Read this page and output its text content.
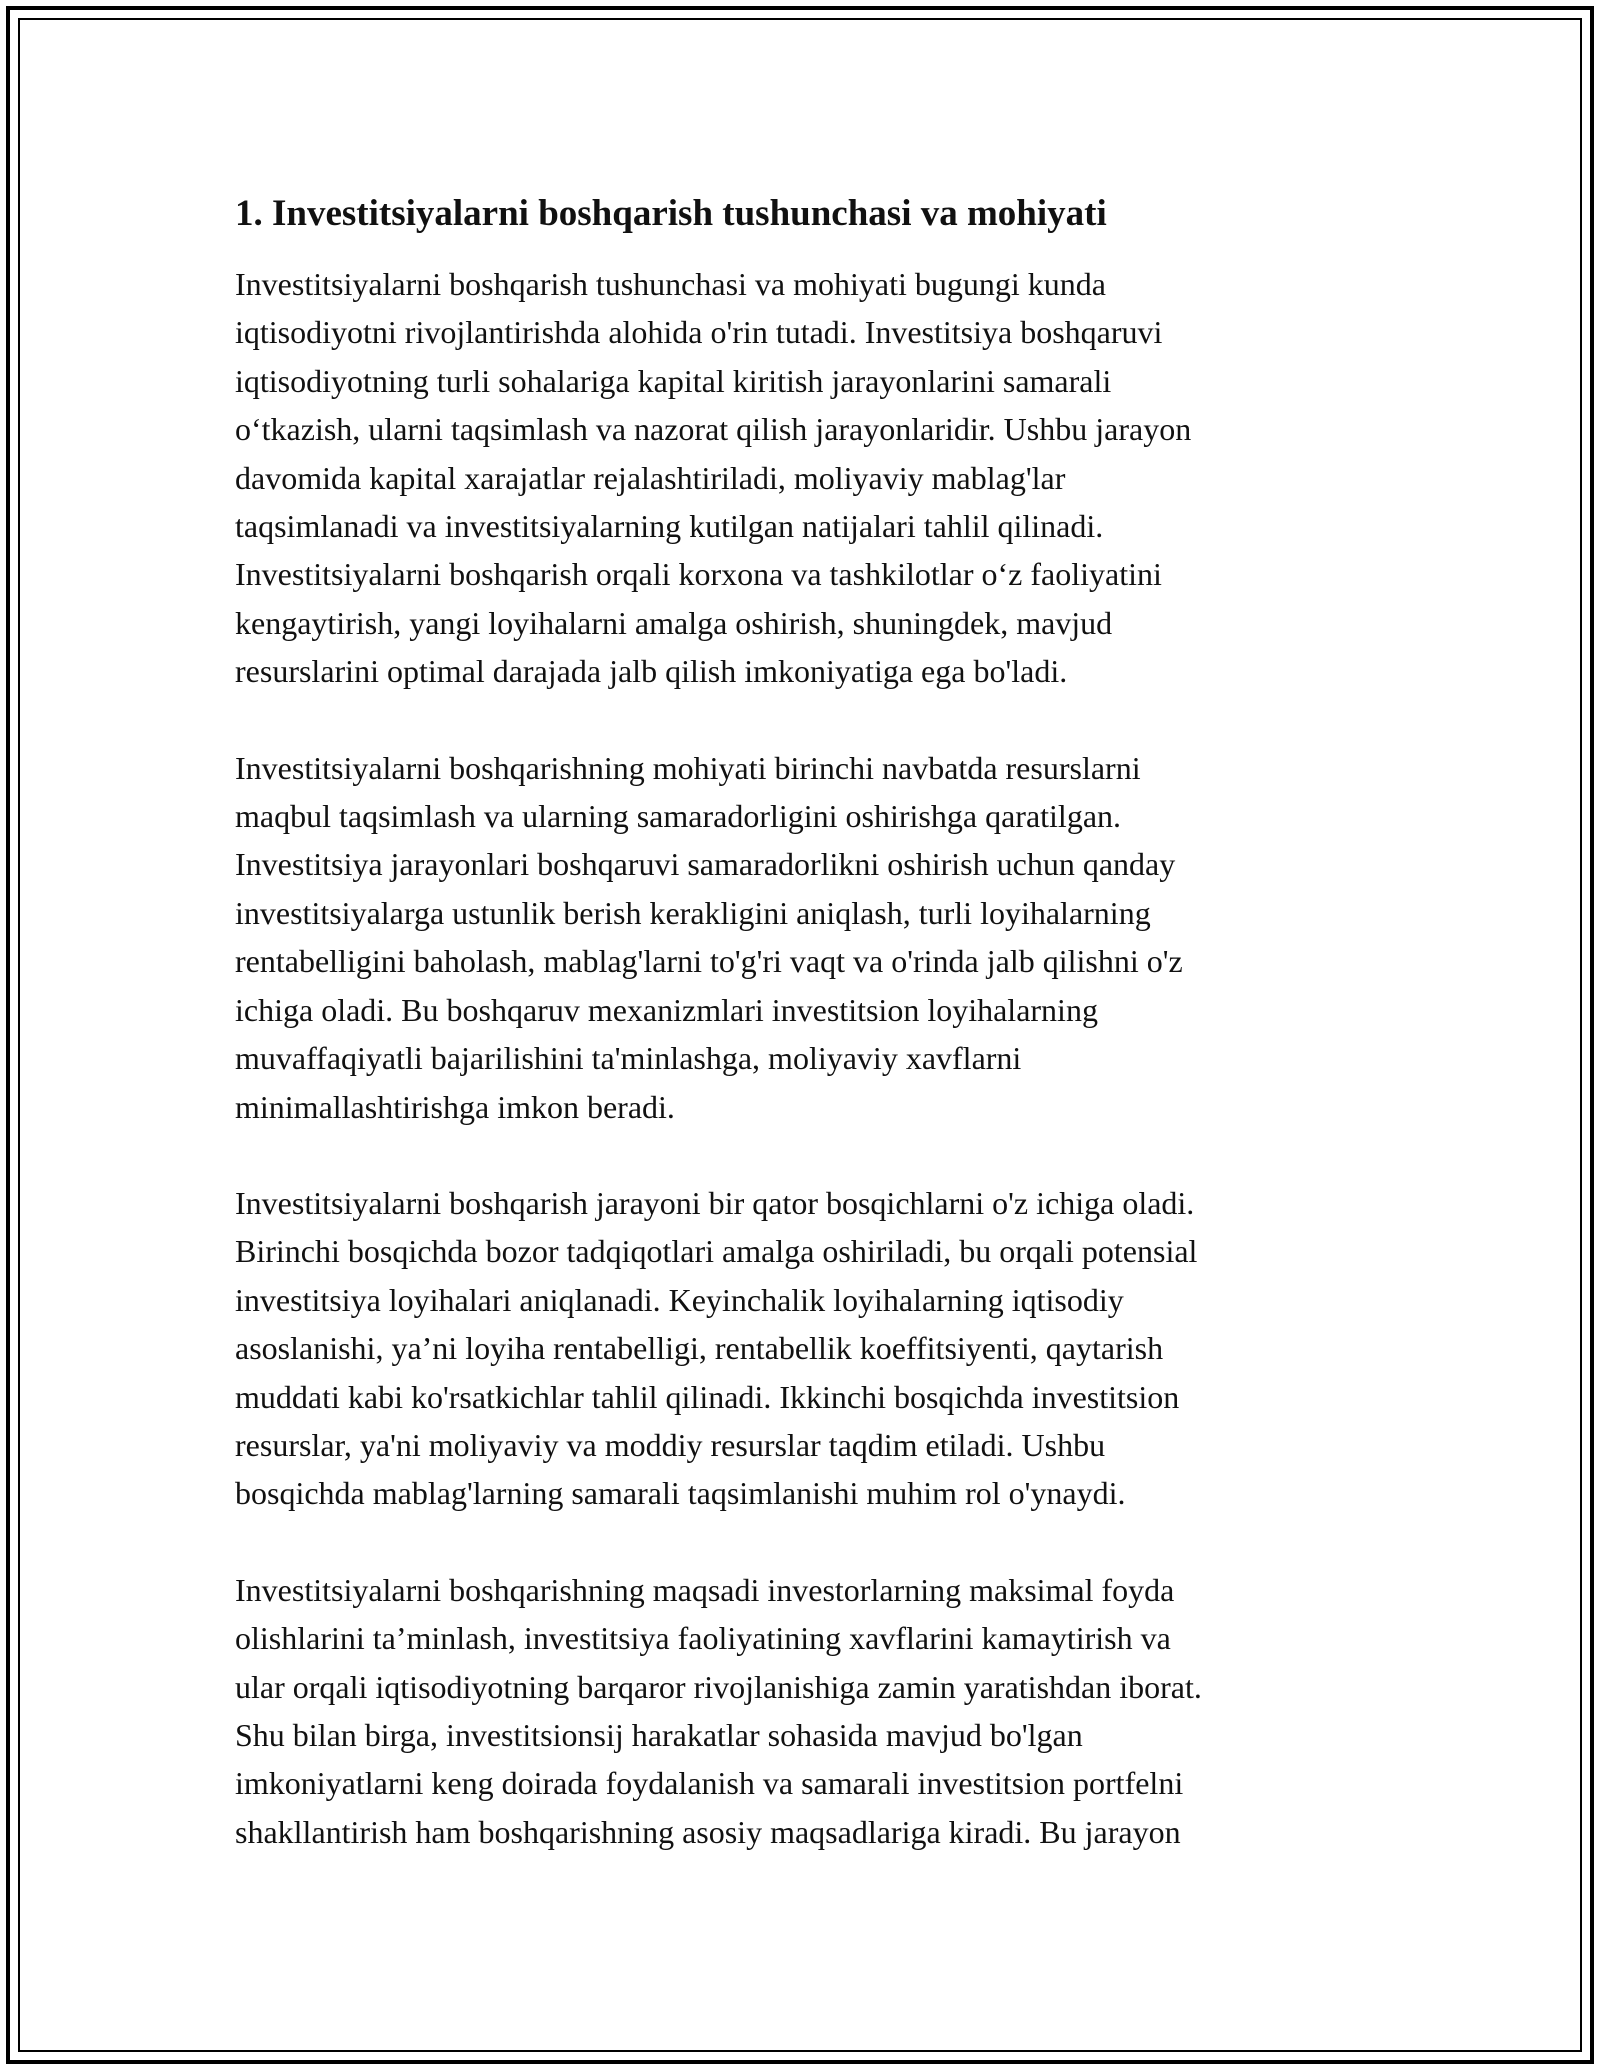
1. Investitsiyalarni boshqarish tushunchasi va mohiyati

Investitsiyalarni boshqarish tushunchasi va mohiyati bugungi kunda
iqtisodiyotni rivojlantirishda alohida o'rin tutadi. Investitsiya boshqaruvi
iqtisodiyotning turli sohalariga kapital kiritish jarayonlarini samarali
o‘tkazish, ularni taqsimlash va nazorat qilish jarayonlaridir. Ushbu jarayon
davomida kapital xarajatlar rejalashtiriladi, moliyaviy mablag'lar
taqsimlanadi va investitsiyalarning kutilgan natijalari tahlil qilinadi.
Investitsiyalarni boshqarish orqali korxona va tashkilotlar o‘z faoliyatini
kengaytirish, yangi loyihalarni amalga oshirish, shuningdek, mavjud
resurslarini optimal darajada jalb qilish imkoniyatiga ega bo'ladi.

Investitsiyalarni boshqarishning mohiyati birinchi navbatda resurslarni
maqbul taqsimlash va ularning samaradorligini oshirishga qaratilgan.
Investitsiya jarayonlari boshqaruvi samaradorlikni oshirish uchun qanday
investitsiyalarga ustunlik berish kerakligini aniqlash, turli loyihalarning
rentabelligini baholash, mablag'larni to'g'ri vaqt va o'rinda jalb qilishni o'z
ichiga oladi. Bu boshqaruv mexanizmlari investitsion loyihalarning
muvaffaqiyatli bajarilishini ta'minlashga, moliyaviy xavflarni
minimallashtirishga imkon beradi.

Investitsiyalarni boshqarish jarayoni bir qator bosqichlarni o'z ichiga oladi.
Birinchi bosqichda bozor tadqiqotlari amalga oshiriladi, bu orqali potensial
investitsiya loyihalari aniqlanadi. Keyinchalik loyihalarning iqtisodiy
asoslanishi, ya’ni loyiha rentabelligi, rentabellik koeffitsiyenti, qaytarish
muddati kabi ko'rsatkichlar tahlil qilinadi. Ikkinchi bosqichda investitsion
resurslar, ya'ni moliyaviy va moddiy resurslar taqdim etiladi. Ushbu
bosqichda mablag'larning samarali taqsimlanishi muhim rol o'ynaydi.

Investitsiyalarni boshqarishning maqsadi investorlarning maksimal foyda
olishlarini ta’minlash, investitsiya faoliyatining xavflarini kamaytirish va
ular orqali iqtisodiyotning barqaror rivojlanishiga zamin yaratishdan iborat.
Shu bilan birga, investitsionsij harakatlar sohasida mavjud bo'lgan
imkoniyatlarni keng doirada foydalanish va samarali investitsion portfelni
shakllantirish ham boshqarishning asosiy maqsadlariga kiradi. Bu jarayon
